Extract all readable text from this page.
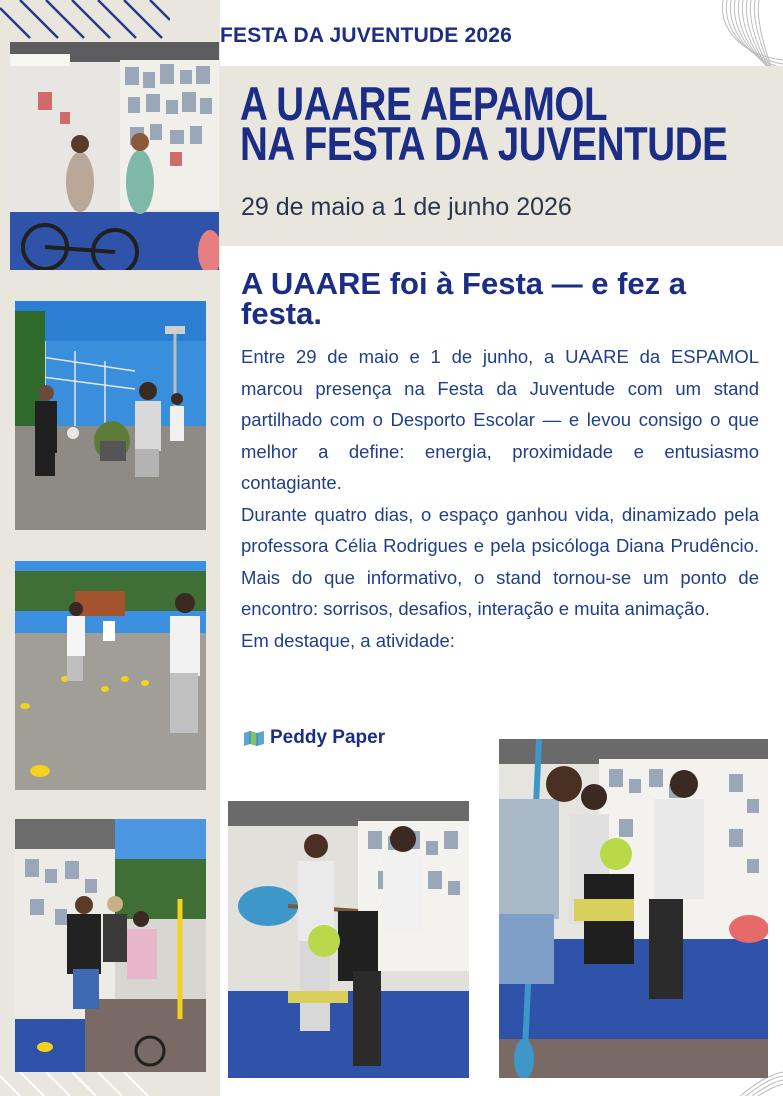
FESTA DA JUVENTUDE 2026
A UAARE AEPAMOL
NA FESTA DA JUVENTUDE
29 de maio a 1 de junho 2026
A UAARE foi à Festa — e fez a festa.

Entre 29 de maio e 1 de junho, a UAARE da ESPAMOL marcou presença na Festa da Juventude com um stand partilhado com o Desporto Escolar — e levou consigo o que melhor a define: energia, proximidade e entusiasmo contagiante.

Durante quatro dias, o espaço ganhou vida, dinamizado pela professora Célia Rodrigues e pela psicóloga Diana Prudêncio. Mais do que informativo, o stand tornou-se um ponto de encontro: sorrisos, desafios, interação e muita animação.

Em destaque, a atividade:

Peddy Paper
